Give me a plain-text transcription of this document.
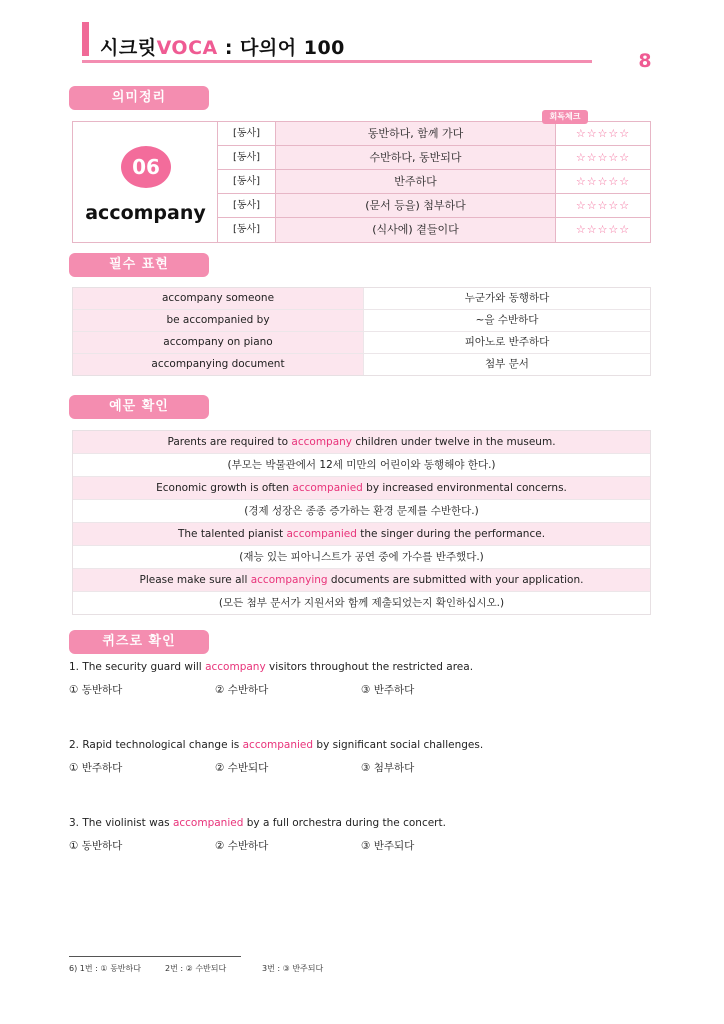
시크릿VOCA : 다의어 100
8
의미정리
06
accompany
[동사]	동반하다, 함께 가다	☆☆☆☆☆
[동사]	수반하다, 동반되다	☆☆☆☆☆
[동사]	반주하다	☆☆☆☆☆
[동사]	(문서 등을) 첨부하다	☆☆☆☆☆
[동사]	(식사에) 곁들이다	☆☆☆☆☆
회독체크
필수 표현
accompany someone	누군가와 동행하다
be accompanied by	~을 수반하다
accompany on piano	피아노로 반주하다
accompanying document	첨부 문서
예문 확인
Parents are required to accompany children under twelve in the museum.
(부모는 박물관에서 12세 미만의 어린이와 동행해야 한다.)
Economic growth is often accompanied by increased environmental concerns.
(경제 성장은 종종 증가하는 환경 문제를 수반한다.)
The talented pianist accompanied the singer during the performance.
(재능 있는 피아니스트가 공연 중에 가수를 반주했다.)
Please make sure all accompanying documents are submitted with your application.
(모든 첨부 문서가 지원서와 함께 제출되었는지 확인하십시오.)
퀴즈로 확인
1. The security guard will accompany visitors throughout the restricted area.
① 동반하다	② 수반하다	③ 반주하다
2. Rapid technological change is accompanied by significant social challenges.
① 반주하다	② 수반되다	③ 첨부하다
3. The violinist was accompanied by a full orchestra during the concert.
① 동반하다	② 수반하다	③ 반주되다
6) 1번 : ① 동반하다	2번 : ② 수반되다	3번 : ③ 반주되다
